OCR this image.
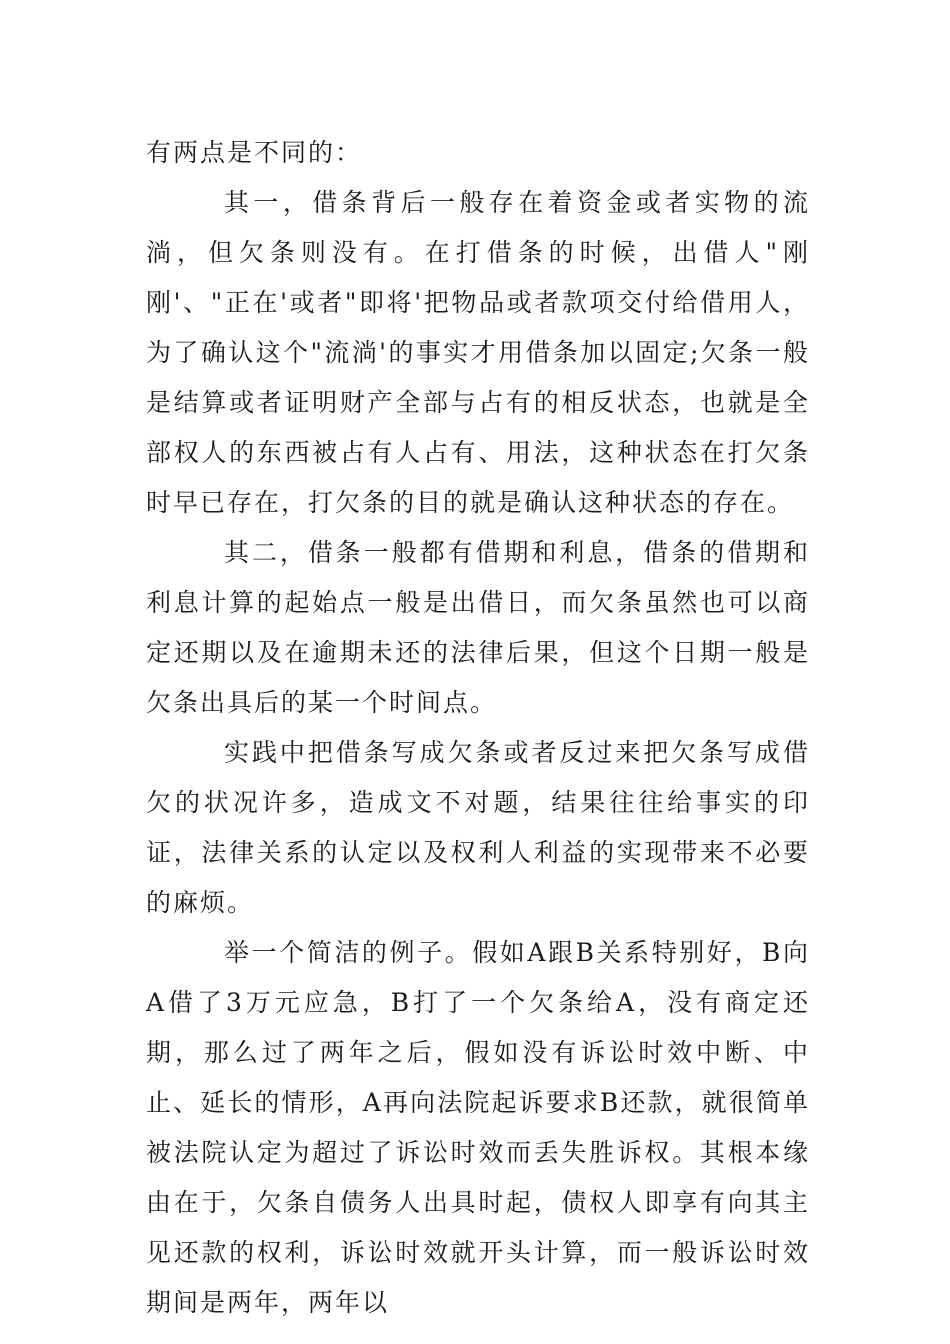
有两点是不同的：

其一，借条背后一般存在着资金或者实物的流淌，但欠条则没有。在打借条的时候，出借人"刚刚'、"正在'或者"即将'把物品或者款项交付给借用人，为了确认这个"流淌'的事实才用借条加以固定;欠条一般是结算或者证明财产全部与占有的相反状态，也就是全部权人的东西被占有人占有、用法，这种状态在打欠条时早已存在，打欠条的目的就是确认这种状态的存在。

其二，借条一般都有借期和利息，借条的借期和利息计算的起始点一般是出借日，而欠条虽然也可以商定还期以及在逾期未还的法律后果，但这个日期一般是欠条出具后的某一个时间点。

实践中把借条写成欠条或者反过来把欠条写成借欠的状况许多，造成文不对题，结果往往给事实的印证，法律关系的认定以及权利人利益的实现带来不必要的麻烦。

举一个简洁的例子。假如A跟B关系特别好，B向A借了3万元应急，B打了一个欠条给A，没有商定还期，那么过了两年之后，假如没有诉讼时效中断、中止、延长的情形，A再向法院起诉要求B还款，就很简单被法院认定为超过了诉讼时效而丢失胜诉权。其根本缘由在于，欠条自债务人出具时起，债权人即享有向其主见还款的权利，诉讼时效就开头计算，而一般诉讼时效期间是两年，两年以
